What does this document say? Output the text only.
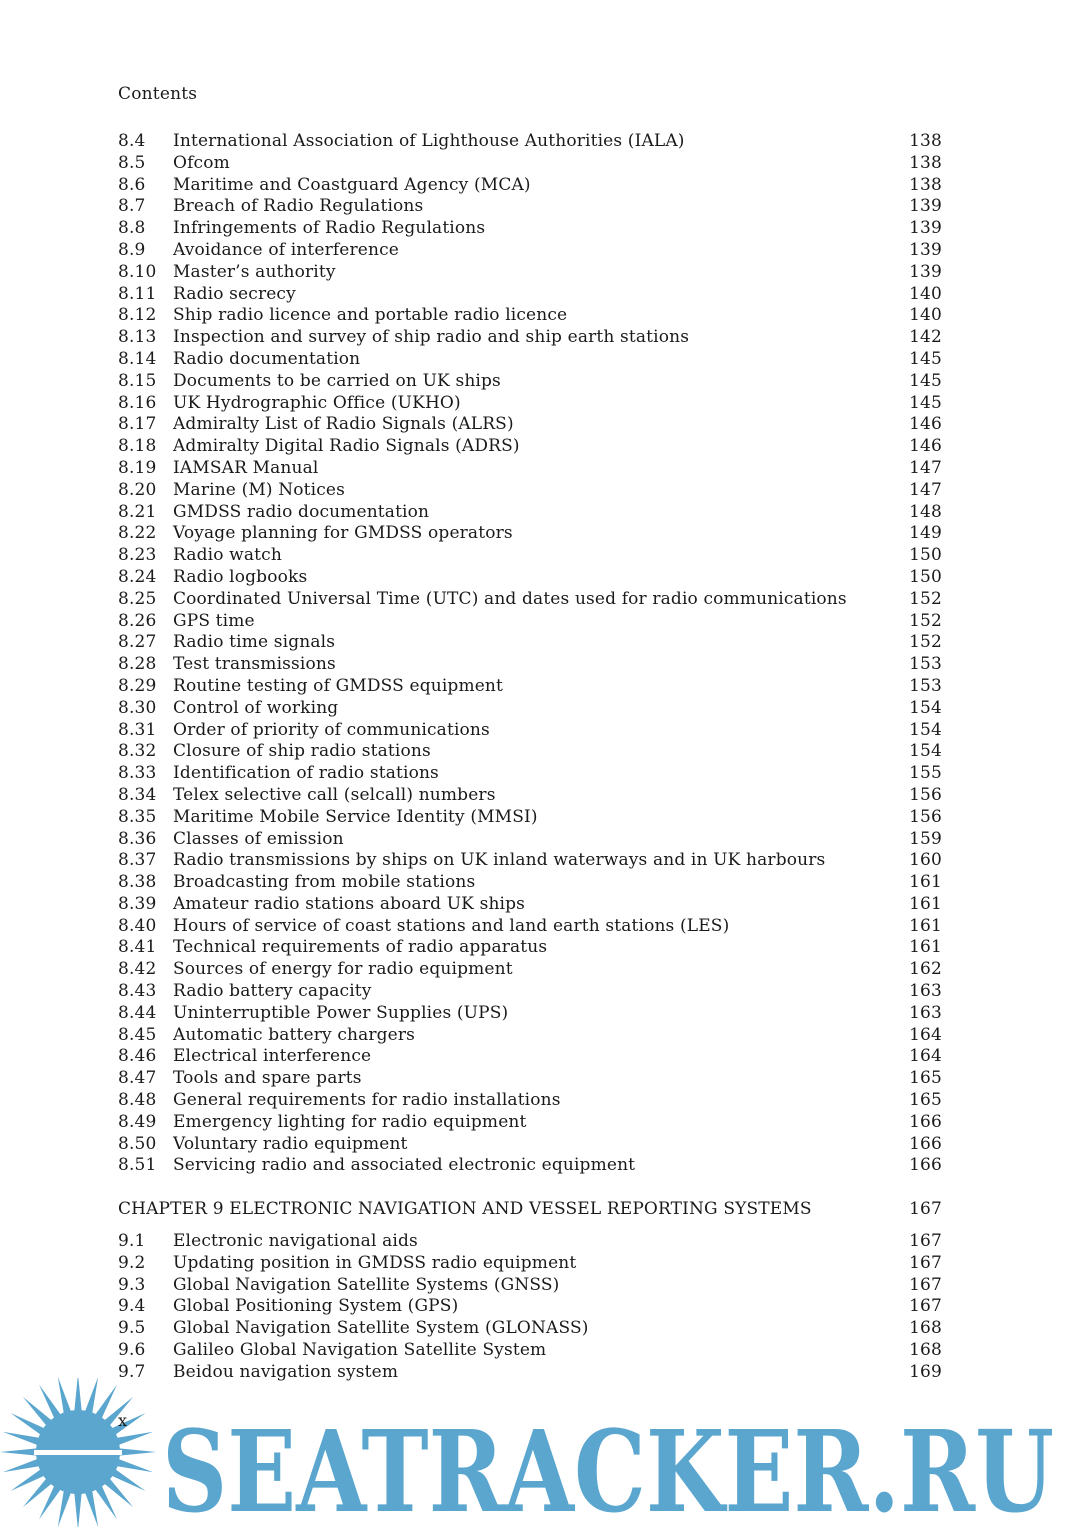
Contents
8.4 International Association of Lighthouse Authorities (IALA)	138
8.5 Ofcom	138
8.6 Maritime and Coastguard Agency (MCA)	138
8.7 Breach of Radio Regulations	139
8.8 Infringements of Radio Regulations	139
8.9 Avoidance of interference	139
8.10 Master’s authority	139
8.11 Radio secrecy	140
8.12 Ship radio licence and portable radio licence	140
8.13 Inspection and survey of ship radio and ship earth stations	142
8.14 Radio documentation	145
8.15 Documents to be carried on UK ships	145
8.16 UK Hydrographic Office (UKHO)	145
8.17 Admiralty List of Radio Signals (ALRS)	146
8.18 Admiralty Digital Radio Signals (ADRS)	146
8.19 IAMSAR Manual	147
8.20 Marine (M) Notices	147
8.21 GMDSS radio documentation	148
8.22 Voyage planning for GMDSS operators	149
8.23 Radio watch	150
8.24 Radio logbooks	150
8.25 Coordinated Universal Time (UTC) and dates used for radio communications	152
8.26 GPS time	152
8.27 Radio time signals	152
8.28 Test transmissions	153
8.29 Routine testing of GMDSS equipment	153
8.30 Control of working	154
8.31 Order of priority of communications	154
8.32 Closure of ship radio stations	154
8.33 Identification of radio stations	155
8.34 Telex selective call (selcall) numbers	156
8.35 Maritime Mobile Service Identity (MMSI)	156
8.36 Classes of emission	159
8.37 Radio transmissions by ships on UK inland waterways and in UK harbours	160
8.38 Broadcasting from mobile stations	161
8.39 Amateur radio stations aboard UK ships	161
8.40 Hours of service of coast stations and land earth stations (LES)	161
8.41 Technical requirements of radio apparatus	161
8.42 Sources of energy for radio equipment	162
8.43 Radio battery capacity	163
8.44 Uninterruptible Power Supplies (UPS)	163
8.45 Automatic battery chargers	164
8.46 Electrical interference	164
8.47 Tools and spare parts	165
8.48 General requirements for radio installations	165
8.49 Emergency lighting for radio equipment	166
8.50 Voluntary radio equipment	166
8.51 Servicing radio and associated electronic equipment	166
CHAPTER 9 ELECTRONIC NAVIGATION AND VESSEL REPORTING SYSTEMS	167
9.1 Electronic navigational aids	167
9.2 Updating position in GMDSS radio equipment	167
9.3 Global Navigation Satellite Systems (GNSS)	167
9.4 Global Positioning System (GPS)	167
9.5 Global Navigation Satellite System (GLONASS)	168
9.6 Galileo Global Navigation Satellite System	168
9.7 Beidou navigation system	169
x SEATRACKER.RU
